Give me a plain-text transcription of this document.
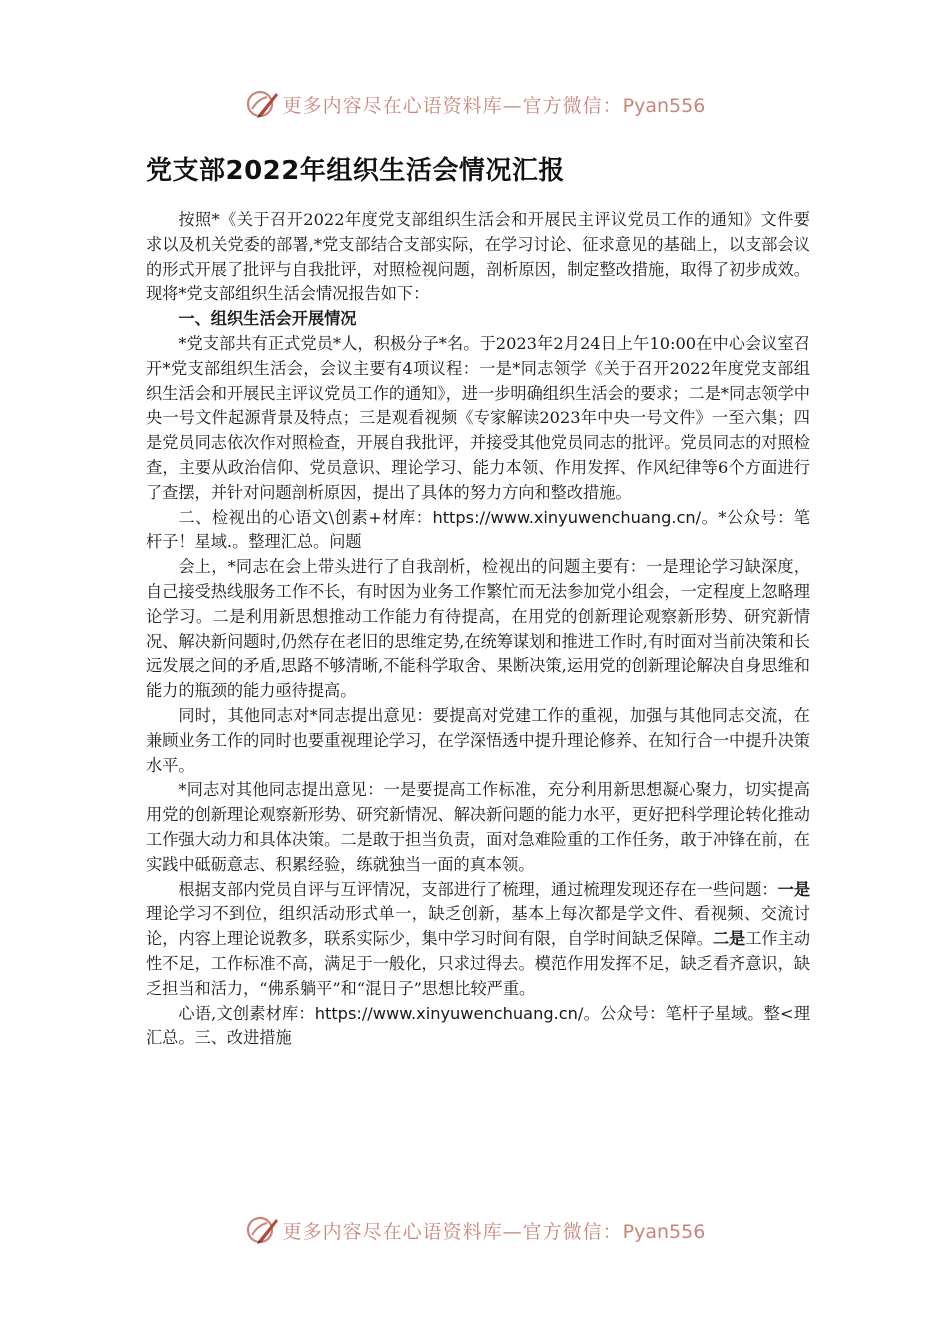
更多内容尽在心语资料库—官方微信：Pyan556
党支部2022年组织生活会情况汇报

按照*《关于召开2022年度党支部组织生活会和开展民主评议党员工作的通知》文件要求以及机关党委的部署,*党支部结合支部实际，在学习讨论、征求意见的基础上，以支部会议的形式开展了批评与自我批评，对照检视问题，剖析原因，制定整改措施，取得了初步成效。现将*党支部组织生活会情况报告如下：

一、组织生活会开展情况

*党支部共有正式党员*人，积极分子*名。于2023年2月24日上午10:00在中心会议室召开*党支部组织生活会，会议主要有4项议程：一是*同志领学《关于召开2022年度党支部组织生活会和开展民主评议党员工作的通知》，进一步明确组织生活会的要求；二是*同志领学中央一号文件起源背景及特点；三是观看视频《专家解读2023年中央一号文件》一至六集；四是党员同志依次作对照检查，开展自我批评，并接受其他党员同志的批评。党员同志的对照检查，主要从政治信仰、党员意识、理论学习、能力本领、作用发挥、作风纪律等6个方面进行了查摆，并针对问题剖析原因，提出了具体的努力方向和整改措施。

二、检视出的心语文\创素+材库：https://www.xinyuwenchuang.cn/。*公众号：笔杆子！星域.。整理汇总。问题

会上，*同志在会上带头进行了自我剖析，检视出的问题主要有：一是理论学习缺深度，自己接受热线服务工作不长，有时因为业务工作繁忙而无法参加党小组会，一定程度上忽略理论学习。二是利用新思想推动工作能力有待提高，在用党的创新理论观察新形势、研究新情况、解决新问题时,仍然存在老旧的思维定势,在统筹谋划和推进工作时,有时面对当前决策和长远发展之间的矛盾,思路不够清晰,不能科学取舍、果断决策,运用党的创新理论解决自身思维和能力的瓶颈的能力亟待提高。

同时，其他同志对*同志提出意见：要提高对党建工作的重视，加强与其他同志交流，在兼顾业务工作的同时也要重视理论学习，在学深悟透中提升理论修养、在知行合一中提升决策水平。

*同志对其他同志提出意见：一是要提高工作标准，充分利用新思想凝心聚力，切实提高用党的创新理论观察新形势、研究新情况、解决新问题的能力水平，更好把科学理论转化推动工作强大动力和具体决策。二是敢于担当负责，面对急难险重的工作任务，敢于冲锋在前，在实践中砥砺意志、积累经验，练就独当一面的真本领。

根据支部内党员自评与互评情况，支部进行了梳理，通过梳理发现还存在一些问题：一是理论学习不到位，组织活动形式单一，缺乏创新，基本上每次都是学文件、看视频、交流讨论，内容上理论说教多，联系实际少，集中学习时间有限，自学时间缺乏保障。二是工作主动性不足，工作标准不高，满足于一般化，只求过得去。模范作用发挥不足，缺乏看齐意识，缺乏担当和活力，“佛系躺平”和“混日子”思想比较严重。

心语,文创素材库：https://www.xinyuwenchuang.cn/。公众号：笔杆子星域。整<理汇总。三、改进措施

更多内容尽在心语资料库—官方微信：Pyan556
